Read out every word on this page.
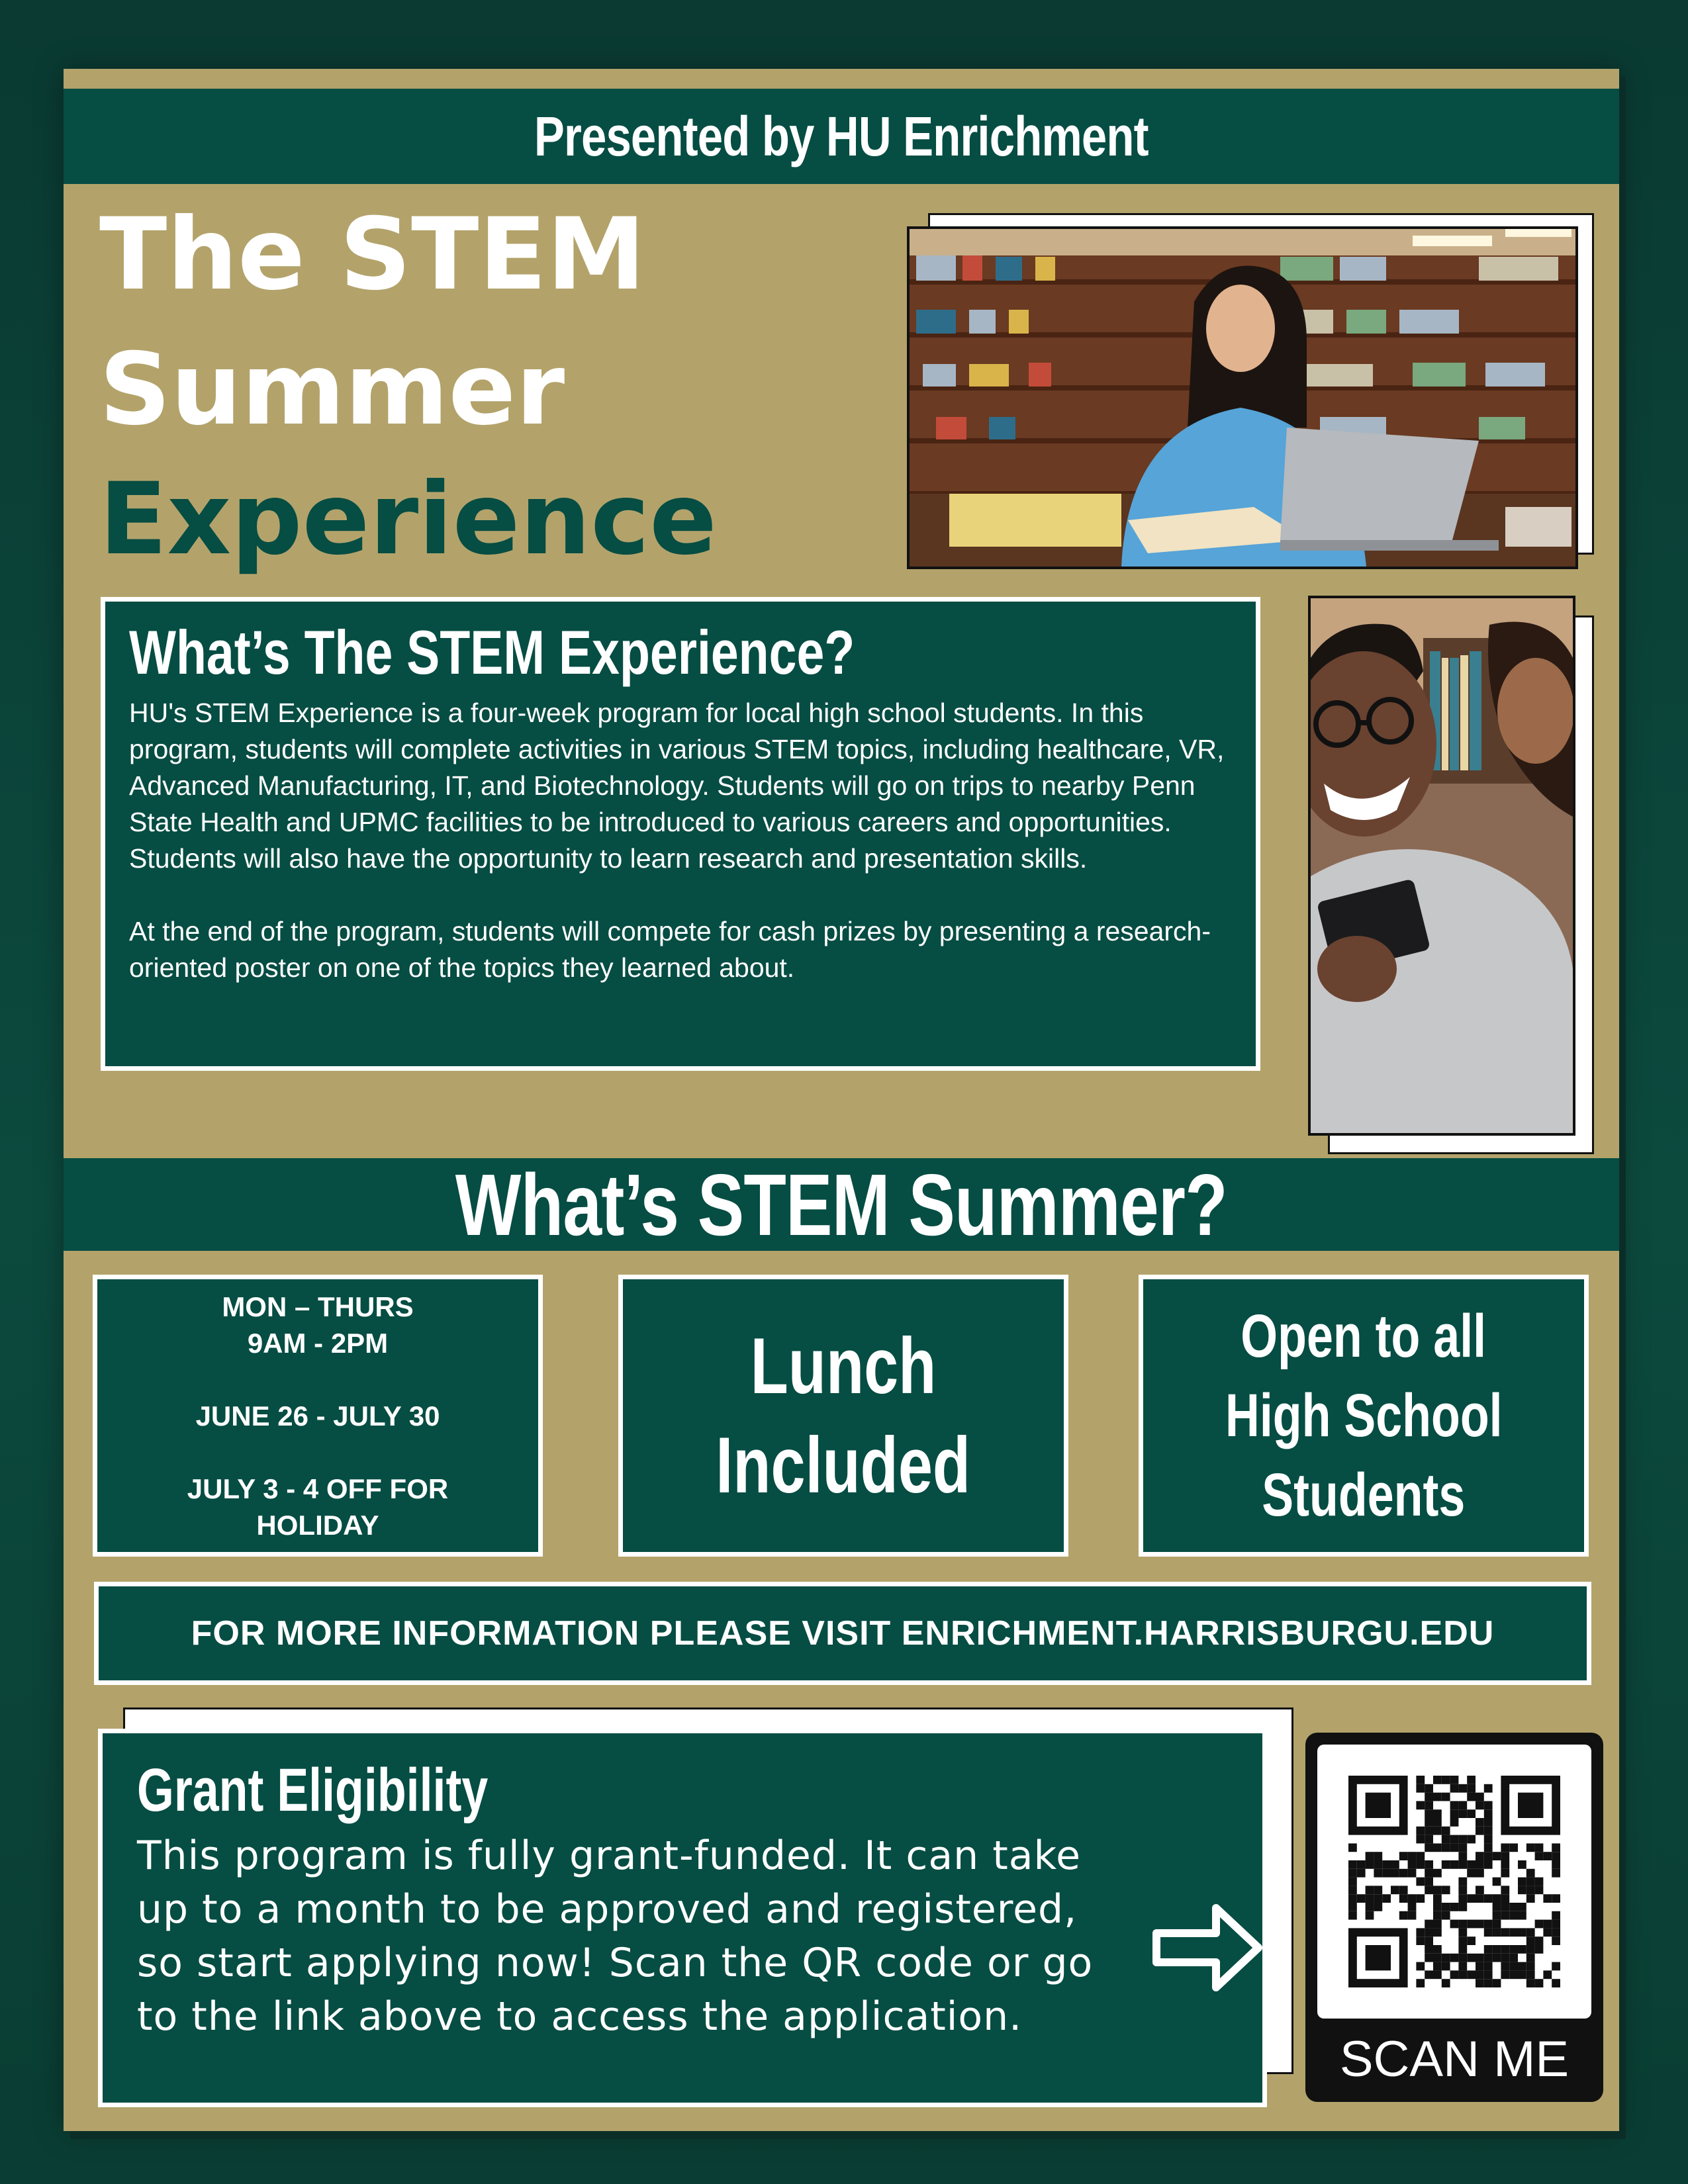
Presented by HU Enrichment
The STEM
Summer
Experience
What’s The STEM Experience?

HU's STEM Experience is a four-week program for local high school students. In this program, students will complete activities in various STEM topics, including healthcare, VR, Advanced Manufacturing, IT, and Biotechnology. Students will go on trips to nearby Penn State Health and UPMC facilities to be introduced to various careers and opportunities. Students will also have the opportunity to learn research and presentation skills.

At the end of the program, students will compete for cash prizes by presenting a research-oriented poster on one of the topics they learned about.

What’s STEM Summer?
MON – THURS
9AM - 2PM
JUNE 26 - JULY 30
JULY 3 - 4 OFF FOR
HOLIDAY
Lunch
Included
Open to all
High School
Students
FOR MORE INFORMATION PLEASE VISIT ENRICHMENT.HARRISBURGU.EDU
Grant Eligibility

This program is fully grant-funded. It can take up to a month to be approved and registered, so start applying now! Scan the QR code or go to the link above to access the application.

SCAN ME
